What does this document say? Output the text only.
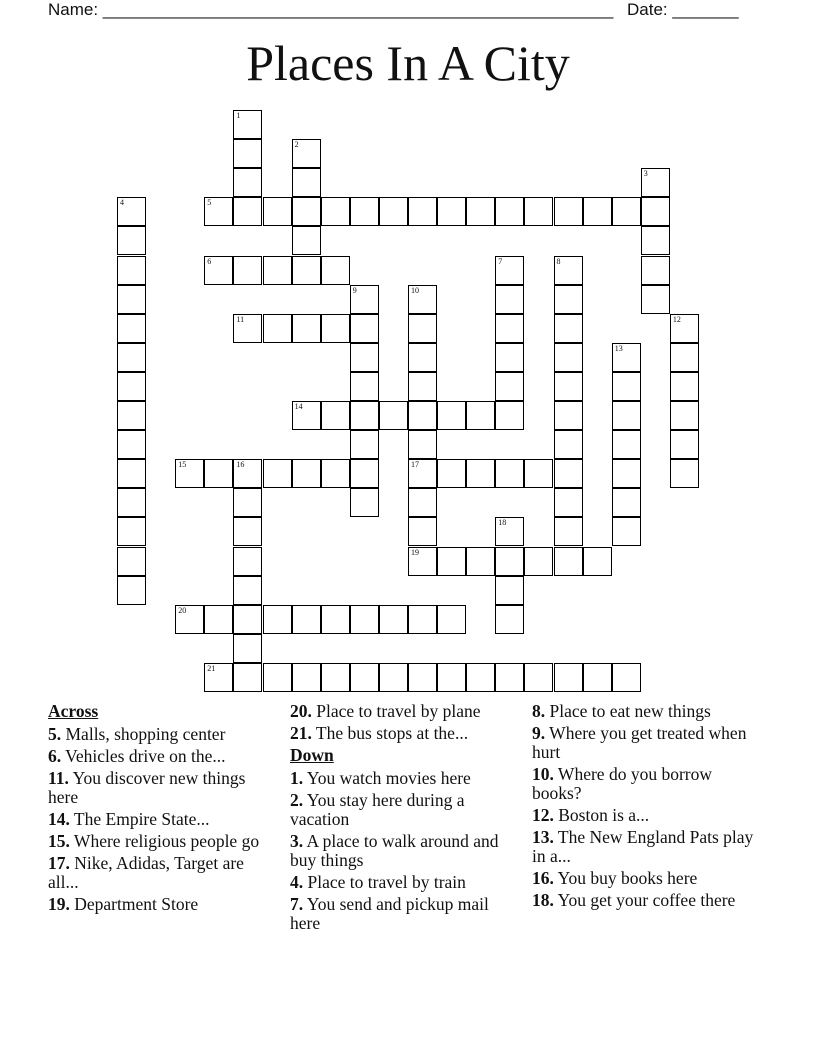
Name: ______________________________________________________ Date: _______
Places In A City
1
2
3
4	5
6	7	8
9	10
17
19
11	12
13
14
15	16
18
20
21
Across
5. Malls, shopping center
6. Vehicles drive on the...
11. You discover new things here
14. The Empire State...
15. Where religious people go
17. Nike, Adidas, Target are all...
19. Department Store
20. Place to travel by plane
21. The bus stops at the...
Down
1. You watch movies here
2. You stay here during a vacation
3. A place to walk around and buy things
4. Place to travel by train
7. You send and pickup mail here
8. Place to eat new things
9. Where you get treated when hurt
10. Where do you borrow books?
12. Boston is a...
13. The New England Pats play in a...
16. You buy books here
18. You get your coffee there
